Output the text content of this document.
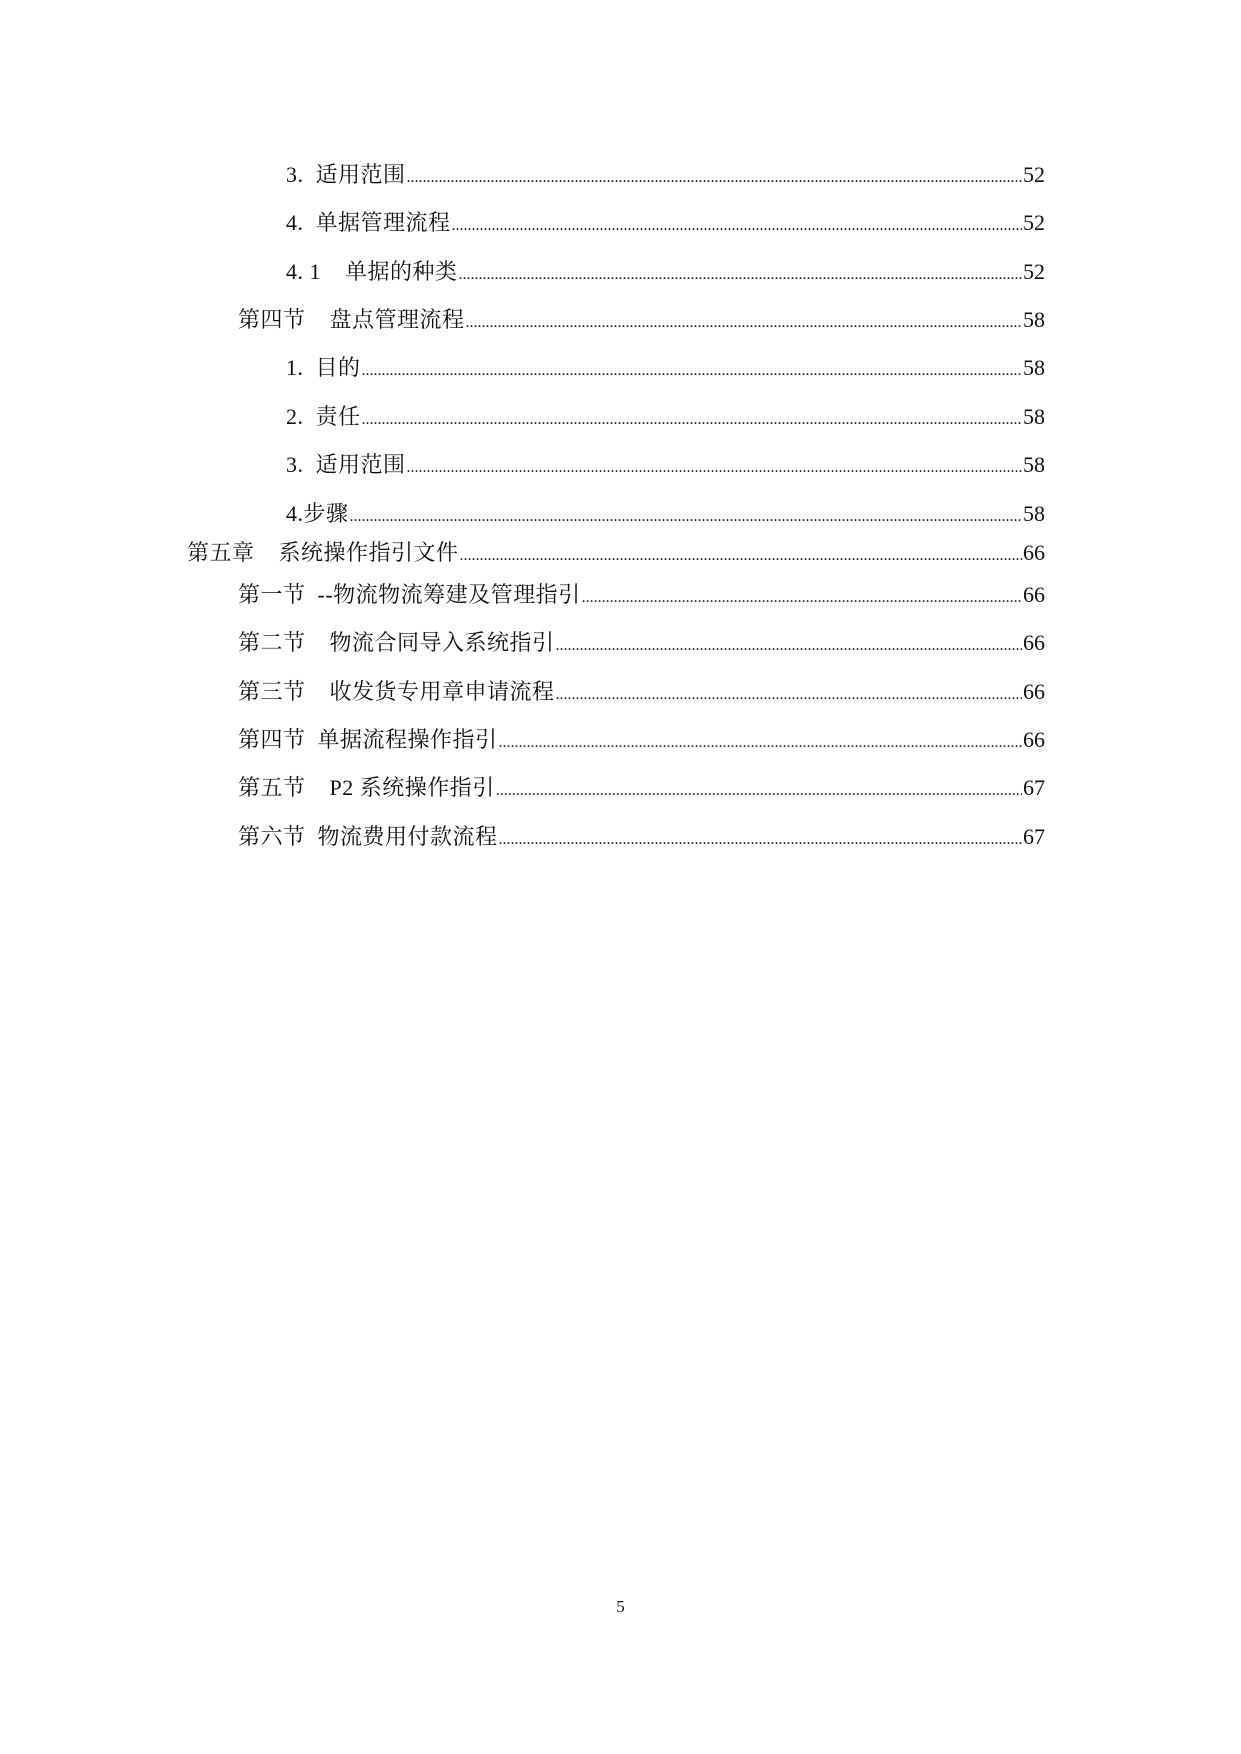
3.  适用范围 .....	52
4.  单据管理流程 .....	52
4. 1    单据的种类 .....	52
第四节    盘点管理流程 .....	58
1.  目的 .....	58
2.  责任 .....	58
3.  适用范围 .....	58
4.步骤 .....	58
第五章    系统操作指引文件 .....	66
第一节  --物流物流筹建及管理指引 .....	66
第二节    物流合同导入系统指引 .....	66
第三节    收发货专用章申请流程 .....	66
第四节  单据流程操作指引 .....	66
第五节    P2 系统操作指引 .....	67
第六节  物流费用付款流程 .....	67
5
